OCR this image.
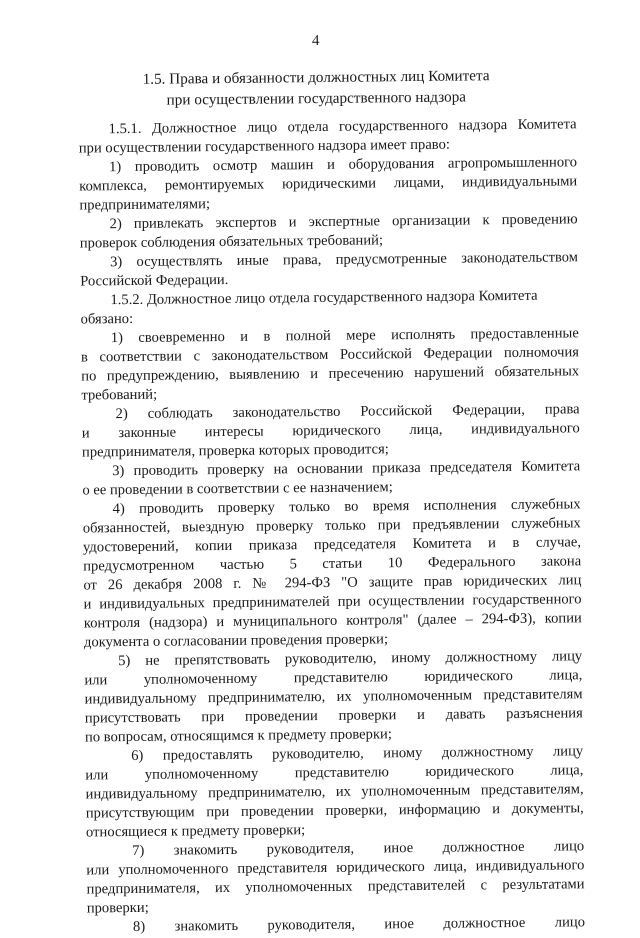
4
1.5. Права и обязанности должностных лиц Комитета
при осуществлении государственного надзора
1.5.1. Должностное лицо отдела государственного надзора Комитета
при осуществлении государственного надзора имеет право:
1) проводить осмотр машин и оборудования агропромышленного
комплекса, ремонтируемых юридическими лицами, индивидуальными
предпринимателями;
2) привлекать экспертов и экспертные организации к проведению
проверок соблюдения обязательных требований;
3) осуществлять иные права, предусмотренные законодательством
Российской Федерации.
1.5.2. Должностное лицо отдела государственного надзора Комитета
обязано:
1) своевременно и в полной мере исполнять предоставленные
в соответствии с законодательством Российской Федерации полномочия
по предупреждению, выявлению и пресечению нарушений обязательных
требований;
2) соблюдать законодательство Российской Федерации, права
и законные интересы юридического лица, индивидуального
предпринимателя, проверка которых проводится;
3) проводить проверку на основании приказа председателя Комитета
о ее проведении в соответствии с ее назначением;
4) проводить проверку только во время исполнения служебных
обязанностей, выездную проверку только при предъявлении служебных
удостоверений, копии приказа председателя Комитета и в случае,
предусмотренном частью 5 статьи 10 Федерального закона
от 26 декабря 2008 г. № 294-ФЗ "О защите прав юридических лиц
и индивидуальных предпринимателей при осуществлении государственного
контроля (надзора) и муниципального контроля" (далее – 294-ФЗ), копии
документа о согласовании проведения проверки;
5) не препятствовать руководителю, иному должностному лицу
или уполномоченному представителю юридического лица,
индивидуальному предпринимателю, их уполномоченным представителям
присутствовать при проведении проверки и давать разъяснения
по вопросам, относящимся к предмету проверки;
6) предоставлять руководителю, иному должностному лицу
или уполномоченному представителю юридического лица,
индивидуальному предпринимателю, их уполномоченным представителям,
присутствующим при проведении проверки, информацию и документы,
относящиеся к предмету проверки;
7) знакомить руководителя, иное должностное лицо
или уполномоченного представителя юридического лица, индивидуального
предпринимателя, их уполномоченных представителей с результатами
проверки;
8) знакомить руководителя, иное должностное лицо
